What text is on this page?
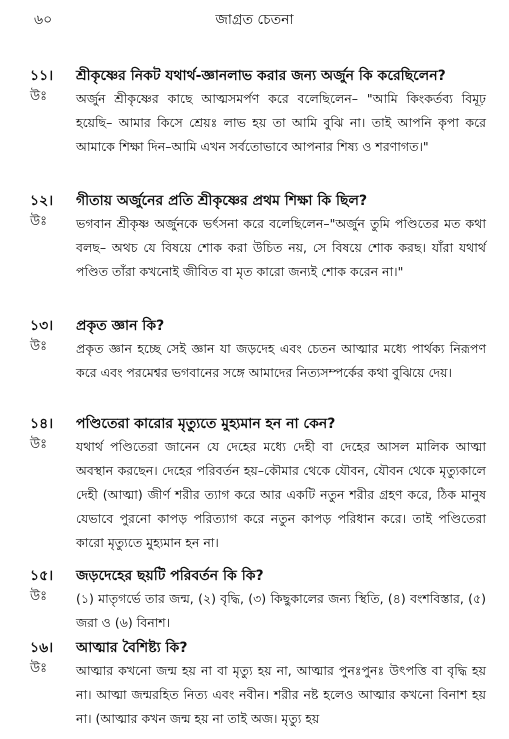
৬০	জাগ্রত চেতনা
১১। শ্রীকৃষ্ণের নিকট যথার্থ-জ্ঞানলাভ করার জন্য অর্জুন কি করেছিলেন?
উঃ অর্জুন শ্রীকৃষ্ণের কাছে আত্মসমর্পণ করে বলেছিলেন– "আমি কিংকর্তব্য বিমূঢ় হয়েছি– আমার কিসে শ্রেয়ঃ লাভ হয় তা আমি বুঝি না। তাই আপনি কৃপা করে আমাকে শিক্ষা দিন–আমি এখন সর্বতোভাবে আপনার শিষ্য ও শরণাগত।"
১২। গীতায় অর্জুনের প্রতি শ্রীকৃষ্ণের প্রথম শিক্ষা কি ছিল?
উঃ ভগবান শ্রীকৃষ্ণ অর্জুনকে ভর্ৎসনা করে বলেছিলেন–"অর্জুন তুমি পণ্ডিতের মত কথা বলছ– অথচ যে বিষয়ে শোক করা উচিত নয়, সে বিষয়ে শোক করছ। যাঁরা যথার্থ পণ্ডিত তাঁরা কখনোই জীবিত বা মৃত কারো জন্যই শোক করেন না।"
১৩। প্রকৃত জ্ঞান কি?
উঃ প্রকৃত জ্ঞান হচ্ছে সেই জ্ঞান যা জড়দেহ এবং চেতন আত্মার মধ্যে পার্থক্য নিরূপণ করে এবং পরমেশ্বর ভগবানের সঙ্গে আমাদের নিত্যসম্পর্কের কথা বুঝিয়ে দেয়।
১৪। পণ্ডিতেরা কারোর মৃত্যুতে মুহ্যমান হন না কেন?
উঃ যথার্থ পণ্ডিতেরা জানেন যে দেহের মধ্যে দেহী বা দেহের আসল মালিক আত্মা অবস্থান করছেন। দেহের পরিবর্তন হয়–কৌমার থেকে যৌবন, যৌবন থেকে মৃত্যুকালে দেহী (আত্মা) জীর্ণ শরীর ত্যাগ করে আর একটি নতুন শরীর গ্রহণ করে, ঠিক মানুষ যেভাবে পুরনো কাপড় পরিত্যাগ করে নতুন কাপড় পরিধান করে। তাই পণ্ডিতেরা কারো মৃত্যুতে মুহ্যমান হন না।
১৫। জড়দেহের ছয়টি পরিবর্তন কি কি?
উঃ (১) মাতৃগর্ভে তার জন্ম, (২) বৃদ্ধি, (৩) কিছুকালের জন্য স্থিতি, (৪) বংশবিস্তার, (৫) জরা ও (৬) বিনাশ।
১৬। আত্মার বৈশিষ্ট্য কি?
উঃ আত্মার কখনো জন্ম হয় না বা মৃত্যু হয় না, আত্মার পুনঃপুনঃ উৎপত্তি বা বৃদ্ধি হয় না। আত্মা জন্মরহিত নিত্য এবং নবীন। শরীর নষ্ট হলেও আত্মার কখনো বিনাশ হয় না। (আত্মার কখন জন্ম হয় না তাই অজ। মৃত্যু হয়
